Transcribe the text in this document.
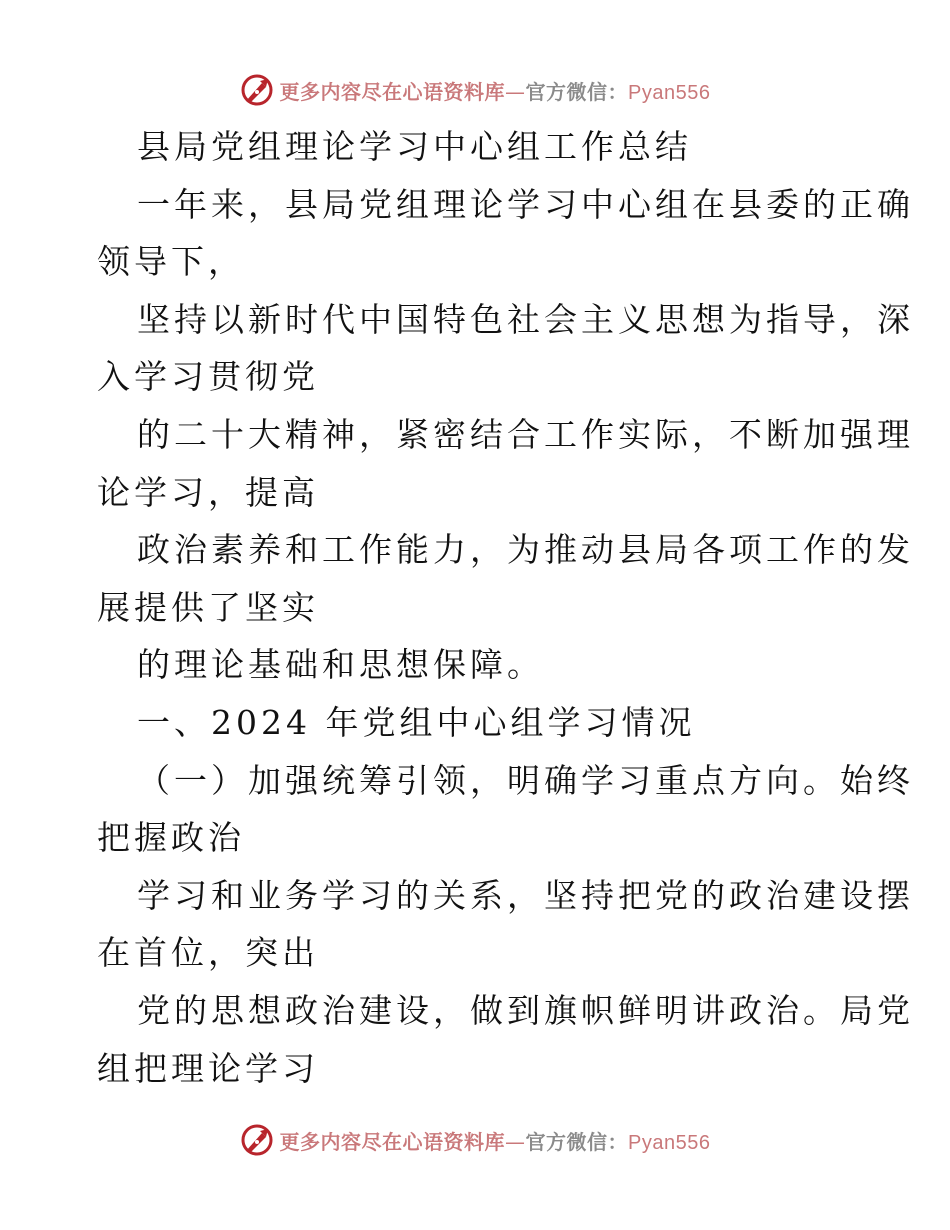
更多内容尽在心语资料库—官方微信：Pyan556
县局党组理论学习中心组工作总结
一年来，县局党组理论学习中心组在县委的正确
领导下，
坚持以新时代中国特色社会主义思想为指导，深
入学习贯彻党
的二十大精神，紧密结合工作实际，不断加强理
论学习，提高
政治素养和工作能力，为推动县局各项工作的发
展提供了坚实
的理论基础和思想保障。
一、2024 年党组中心组学习情况
（一）加强统筹引领，明确学习重点方向。始终
把握政治
学习和业务学习的关系，坚持把党的政治建设摆
在首位，突出
党的思想政治建设，做到旗帜鲜明讲政治。局党
组把理论学习
更多内容尽在心语资料库—官方微信：Pyan556
